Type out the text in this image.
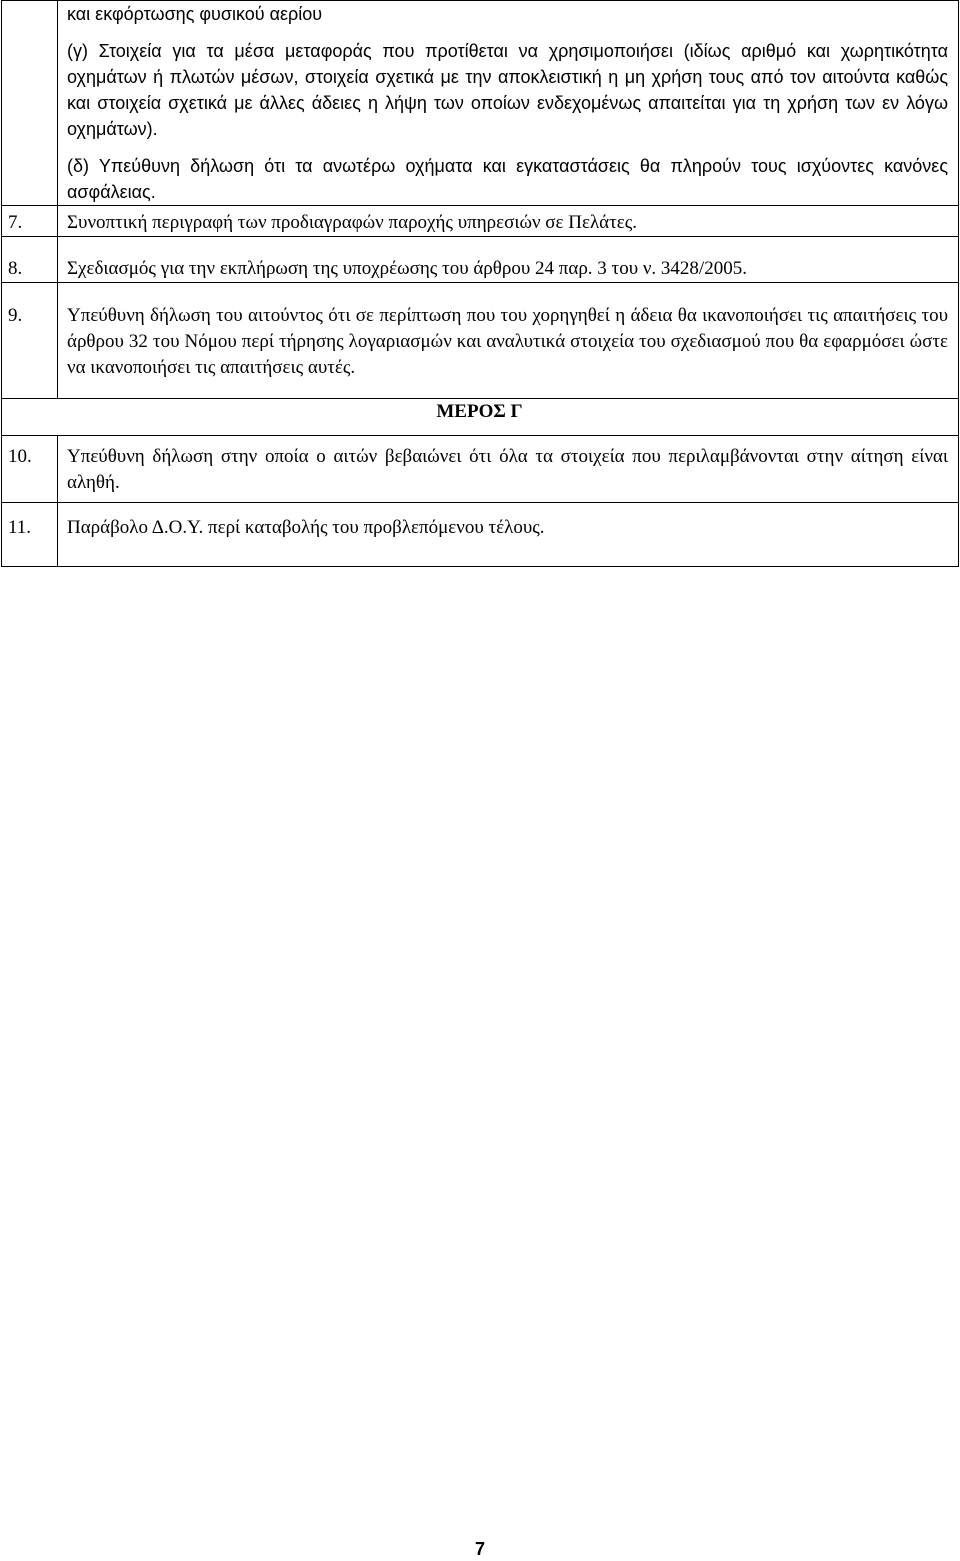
	και εκφόρτωσης φυσικού αερίου

(γ) Στοιχεία για τα μέσα μεταφοράς που προτίθεται να χρησιμοποιήσει (ιδίως αριθμό και χωρητικότητα οχημάτων ή πλωτών μέσων, στοιχεία σχετικά με την αποκλειστική η μη χρήση τους από τον αιτούντα καθώς και στοιχεία σχετικά με άλλες άδειες η λήψη των οποίων ενδεχομένως απαιτείται για τη χρήση των εν λόγω οχημάτων).

(δ) Υπεύθυνη δήλωση ότι τα ανωτέρω οχήματα και εγκαταστάσεις θα πληρούν τους ισχύοντες κανόνες ασφάλειας.

7.	Συνοπτική περιγραφή των προδιαγραφών παροχής υπηρεσιών σε Πελάτες.
8.	Σχεδιασμός για την εκπλήρωση της υποχρέωσης του άρθρου 24 παρ. 3 του ν. 3428/2005.
9.	Υπεύθυνη δήλωση του αιτούντος ότι σε περίπτωση που του χορηγηθεί η άδεια θα ικανοποιήσει τις απαιτήσεις του άρθρου 32 του Νόμου περί τήρησης λογαριασμών και αναλυτικά στοιχεία του σχεδιασμού που θα εφαρμόσει ώστε να ικανοποιήσει τις απαιτήσεις αυτές.
ΜΕΡΟΣ Γ	
10.	Υπεύθυνη δήλωση στην οποία ο αιτών βεβαιώνει ότι όλα τα στοιχεία που περιλαμβάνονται στην αίτηση είναι αληθή.
11.	Παράβολο Δ.Ο.Υ. περί καταβολής του προβλεπόμενου τέλους.
7
